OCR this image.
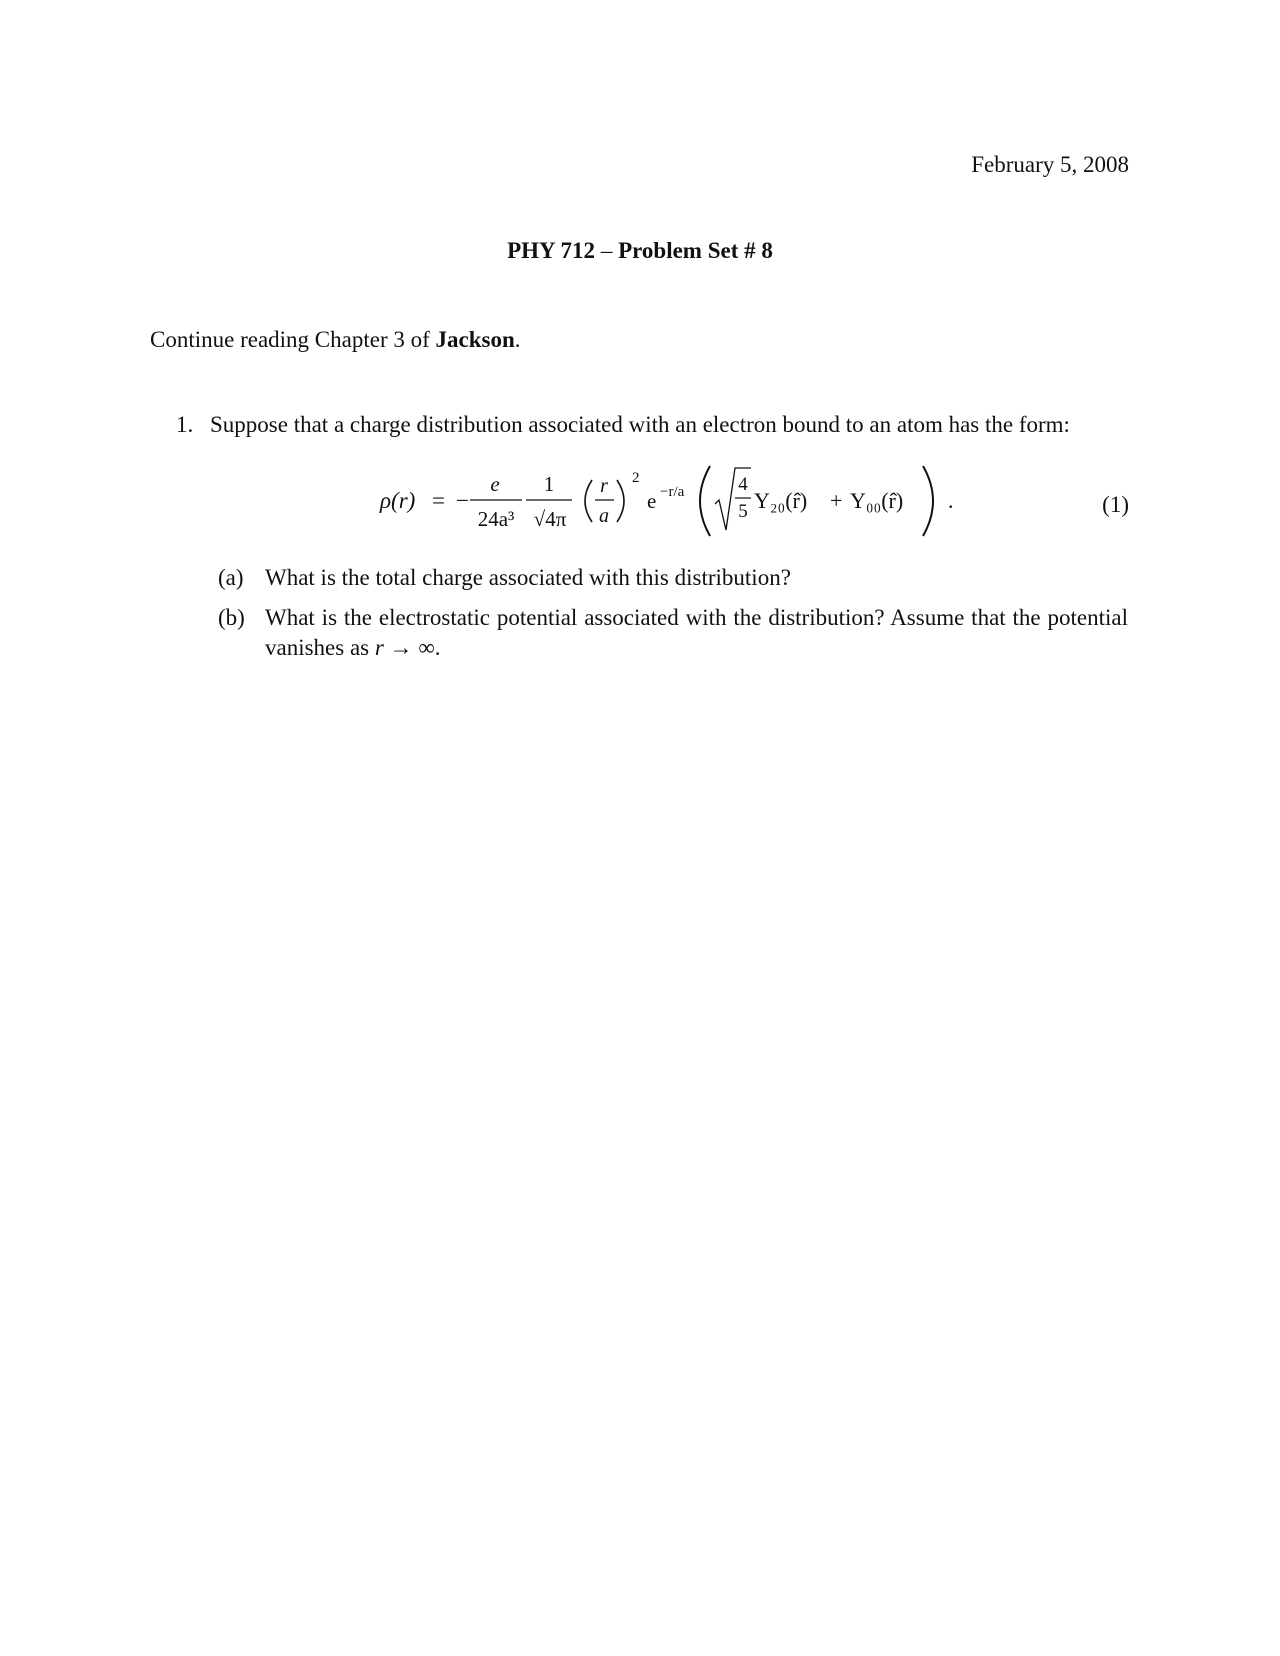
February 5, 2008
PHY 712 – Problem Set # 8
Continue reading Chapter 3 of Jackson.
1. Suppose that a charge distribution associated with an electron bound to an atom has the form:
ρ(r) = −
e
24a³
1
√4π
r
a
2
e −r/a	4
5 Y₂₀(r̂) + Y₀₀(r̂) .	(1)
(a) What is the total charge associated with this distribution?
(b) What is the electrostatic potential associated with the distribution? Assume that the potential vanishes as r → ∞.
